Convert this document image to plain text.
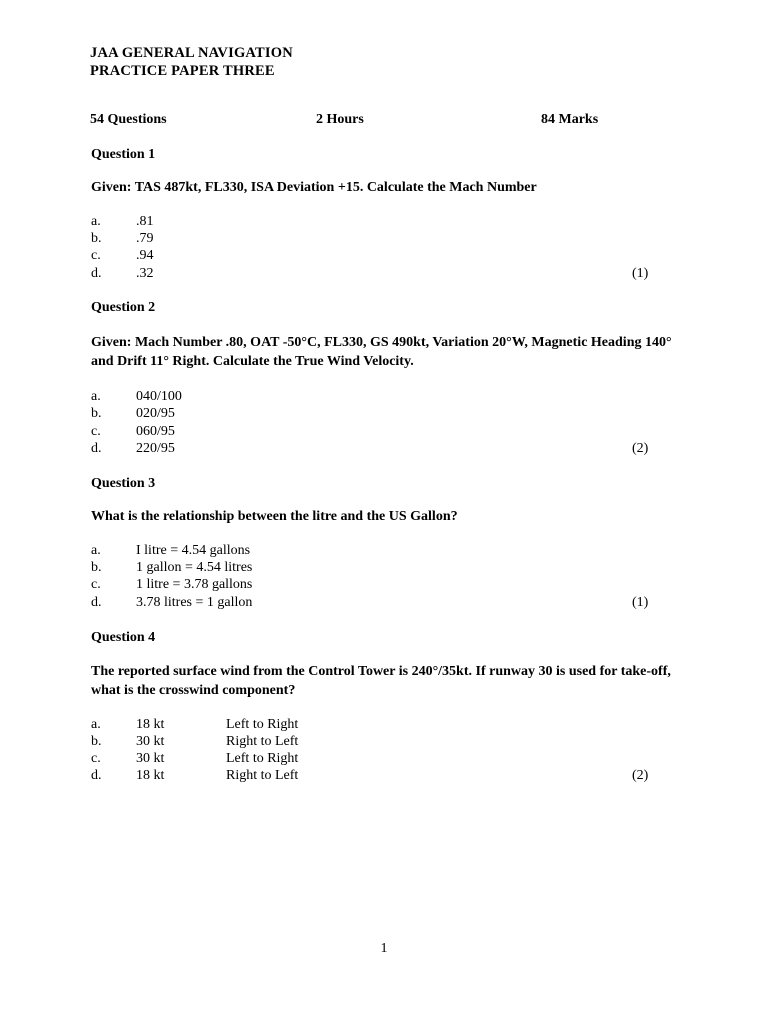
JAA GENERAL NAVIGATION
PRACTICE PAPER THREE
54 Questions	2 Hours	84 Marks
Question 1
Given: TAS 487kt, FL330, ISA Deviation +15. Calculate the Mach Number
a.	.81
b. .79
c.	.94
d. .32	(1)
Question 2
Given: Mach Number .80, OAT -50°C, FL330, GS 490kt, Variation 20°W, Magnetic Heading 140° and Drift 11° Right. Calculate the True Wind Velocity.
a.	040/100
b. 020/95
c.	060/95
d. 220/95	(2)
Question 3
What is the relationship between the litre and the US Gallon?
a.	I litre = 4.54 gallons
b. 1 gallon = 4.54 litres
c.	1 litre = 3.78 gallons
d. 3.78 litres = 1 gallon	(1)
Question 4
The reported surface wind from the Control Tower is 240°/35kt. If runway 30 is used for take-off, what is the crosswind component?
a.	18 kt	Left to Right
b. 30 kt	Right to Left
c.	30 kt	Left to Right
d. 18 kt	Right to Left	(2)
1
